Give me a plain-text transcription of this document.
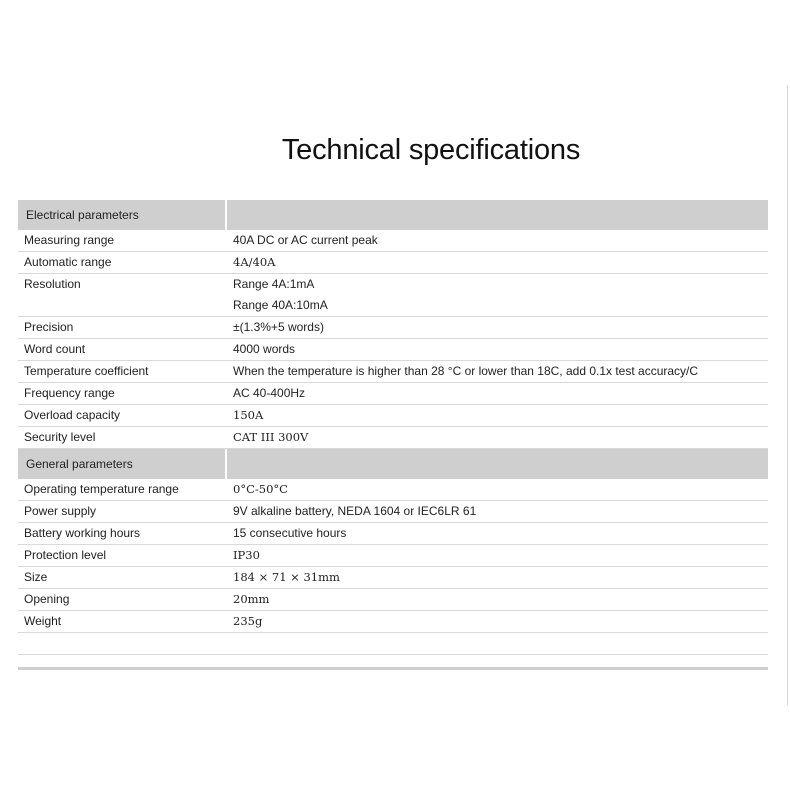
Technical specifications
Electrical parameters
Measuring range	40A DC or AC current peak
Automatic range	4A/40A
Resolution	Range 4A:1mA
Range 40A:10mA
Precision	±(1.3%+5 words)
Word count	4000 words
Temperature coefficient	When the temperature is higher than 28 °C or lower than 18C, add 0.1x test accuracy/C
Frequency range	AC 40-400Hz
Overload capacity	150A
Security level	CAT III 300V
General parameters
Operating temperature range	0°C-50°C
Power supply	9V alkaline battery, NEDA 1604 or IEC6LR 61
Battery working hours	15 consecutive hours
Protection level	IP30
Size	184 × 71 × 31mm
Opening	20mm
Weight	235g
